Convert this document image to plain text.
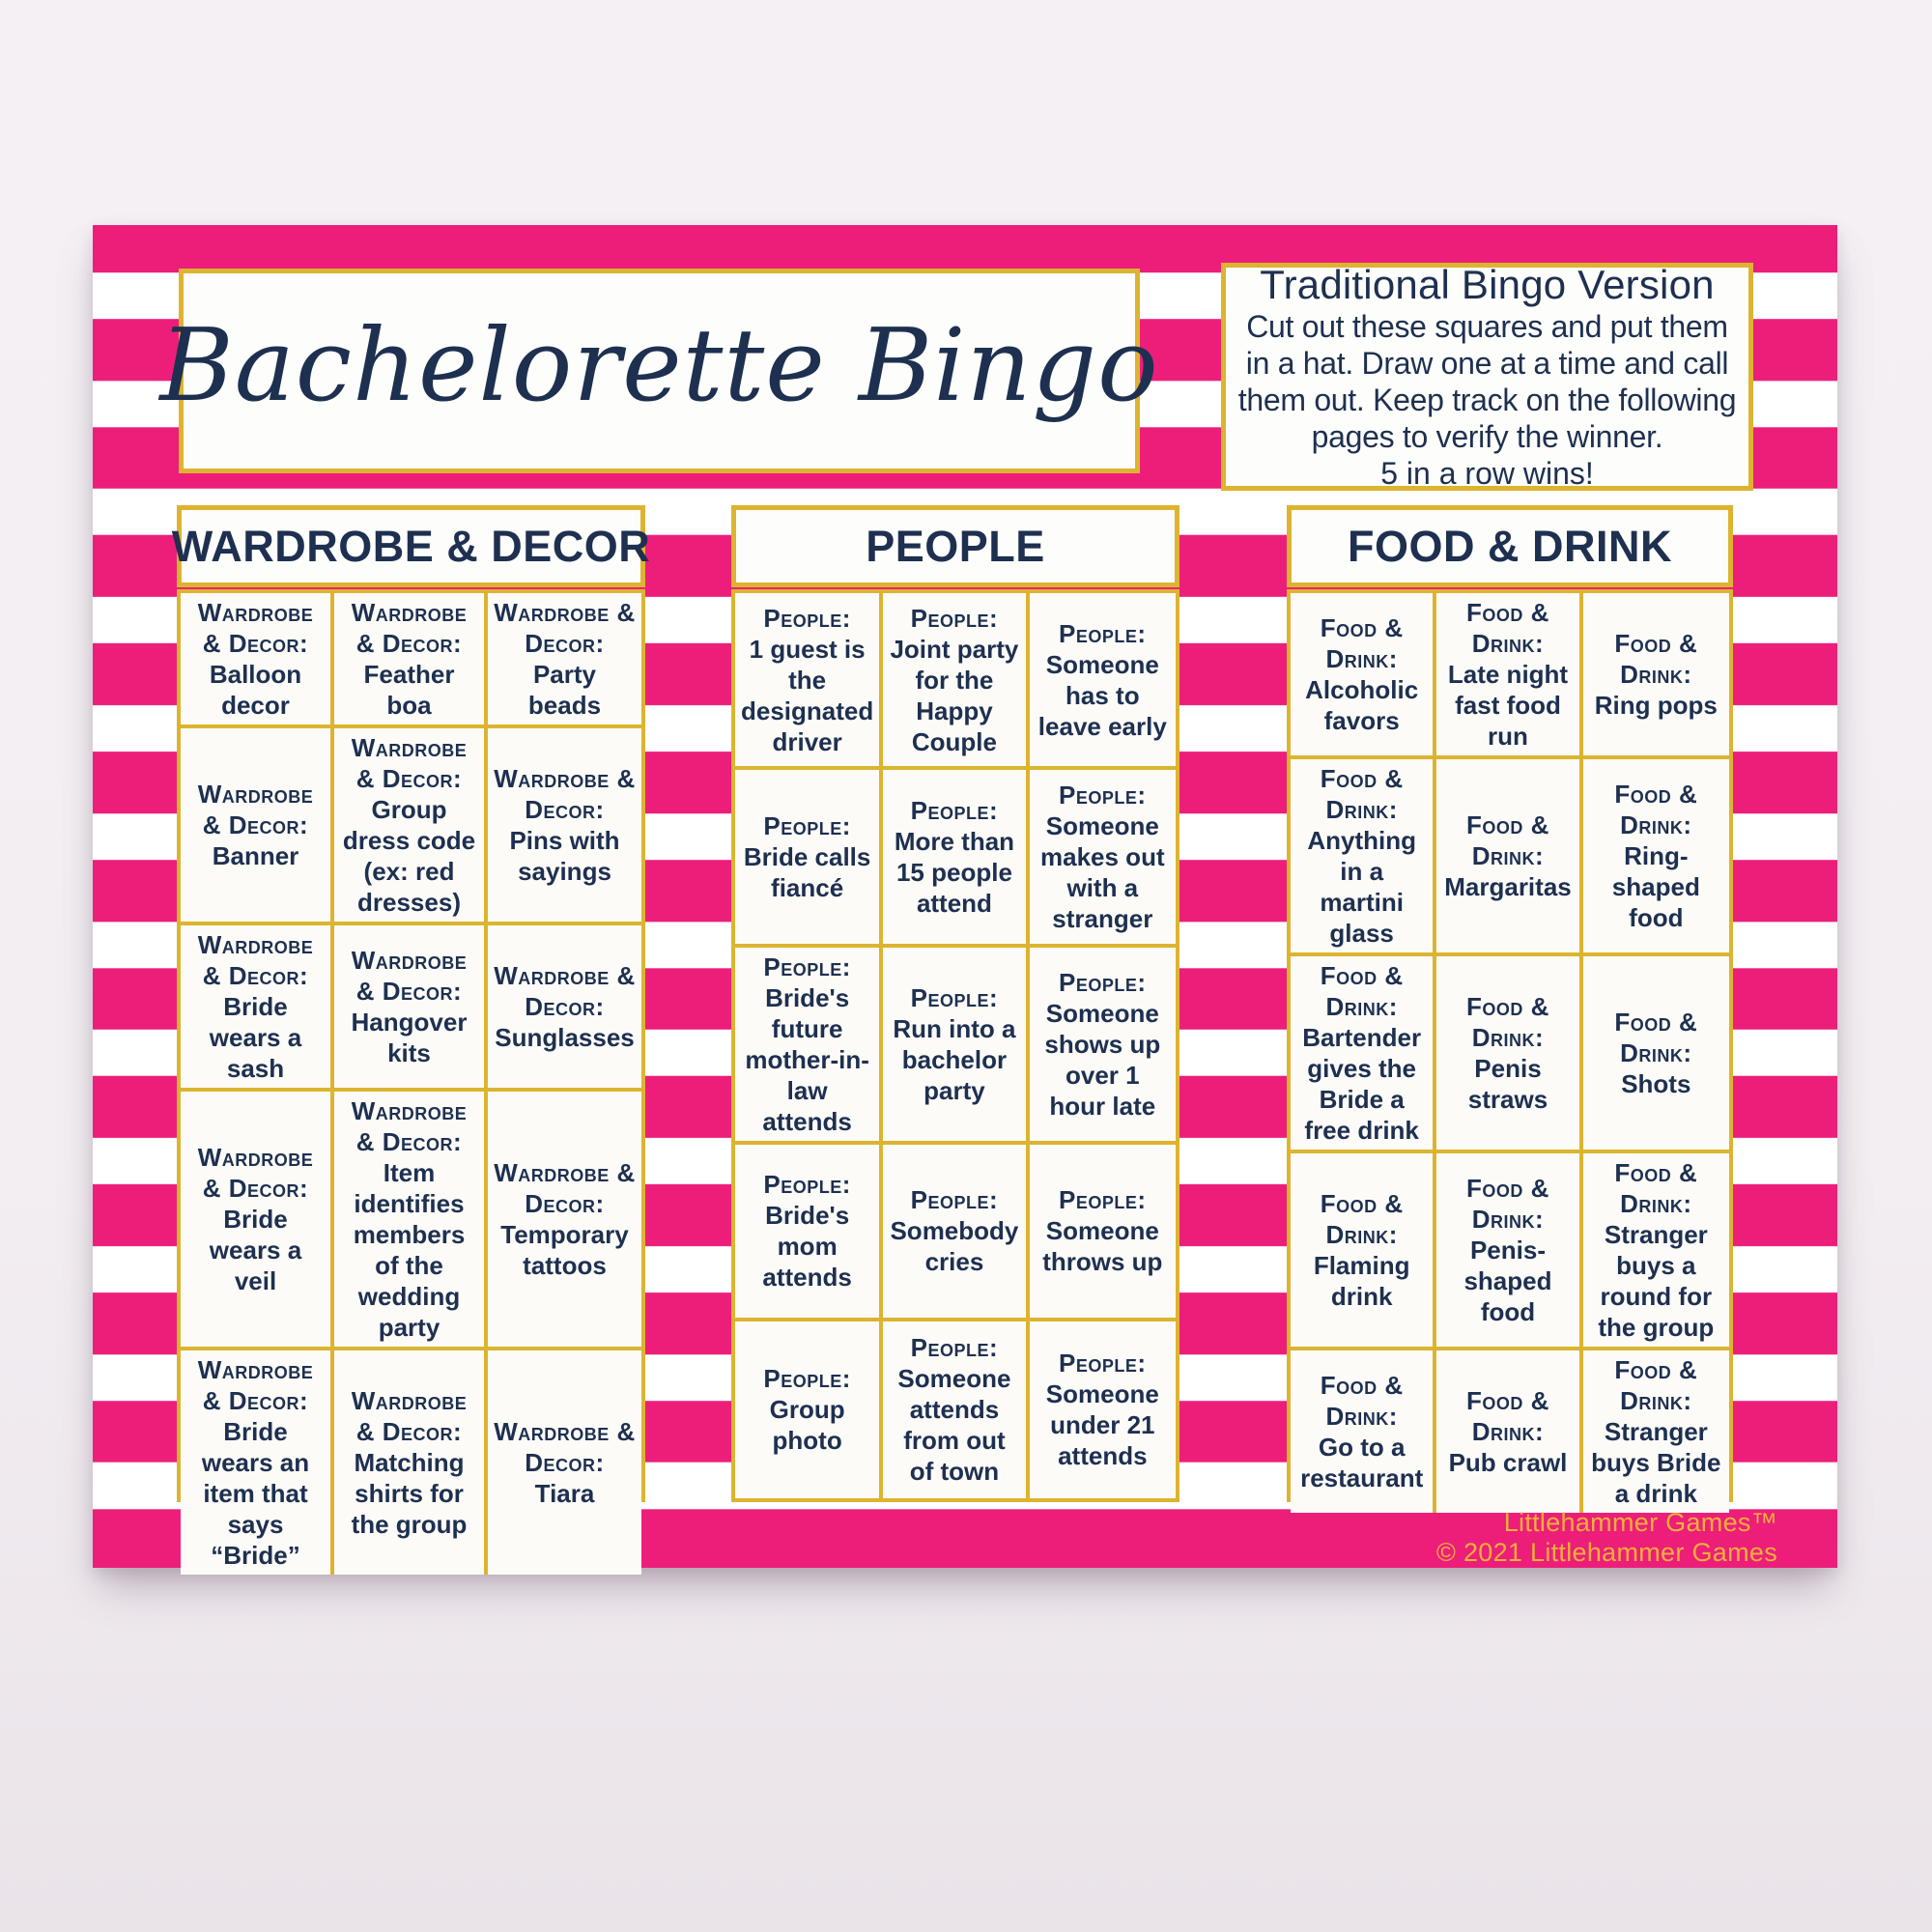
Bachelorette Bingo
Traditional Bingo Version
Cut out these squares and put them in a hat. Draw one at a time and call them out. Keep track on the following pages to verify the winner.
5 in a row wins!
WARDROBE & DECOR
Wardrobe & Decor:
Balloon decor
Wardrobe & Decor:
Feather boa
Wardrobe & Decor:
Party beads
Wardrobe & Decor:
Banner
Wardrobe & Decor:
Group dress code (ex: red dresses)
Wardrobe & Decor:
Pins with sayings
Wardrobe & Decor:
Bride wears a sash
Wardrobe & Decor:
Hangover kits
Wardrobe & Decor:
Sunglasses
Wardrobe & Decor:
Bride wears a veil
Wardrobe & Decor:
Item identifies members of the wedding party
Wardrobe & Decor:
Temporary tattoos
Wardrobe & Decor:
Bride wears an item that says “Bride”
Wardrobe & Decor:
Matching shirts for the group
Wardrobe & Decor:
Tiara
PEOPLE
People:
1 guest is the designated driver
People:
Joint party for the Happy Couple
People:
Someone has to leave early
People:
Bride calls fiancé
People:
More than 15 people attend
People:
Someone makes out with a stranger
People:
Bride's future mother-in-law attends
People:
Run into a bachelor party
People:
Someone shows up over 1 hour late
People:
Bride's mom attends
People:
Somebody cries
People:
Someone throws up
People:
Group photo
People:
Someone attends from out of town
People:
Someone under 21 attends
FOOD & DRINK
Food & Drink:
Alcoholic favors
Food & Drink:
Late night fast food run
Food & Drink:
Ring pops
Food & Drink:
Anything in a martini glass
Food & Drink:
Margaritas
Food & Drink:
Ring-shaped food
Food & Drink:
Bartender gives the Bride a free drink
Food & Drink:
Penis straws
Food & Drink:
Shots
Food & Drink:
Flaming drink
Food & Drink:
Penis-shaped food
Food & Drink:
Stranger buys a round for the group
Food & Drink:
Go to a restaurant
Food & Drink:
Pub crawl
Food & Drink:
Stranger buys Bride a drink
Littlehammer Games™
© 2021 Littlehammer Games
